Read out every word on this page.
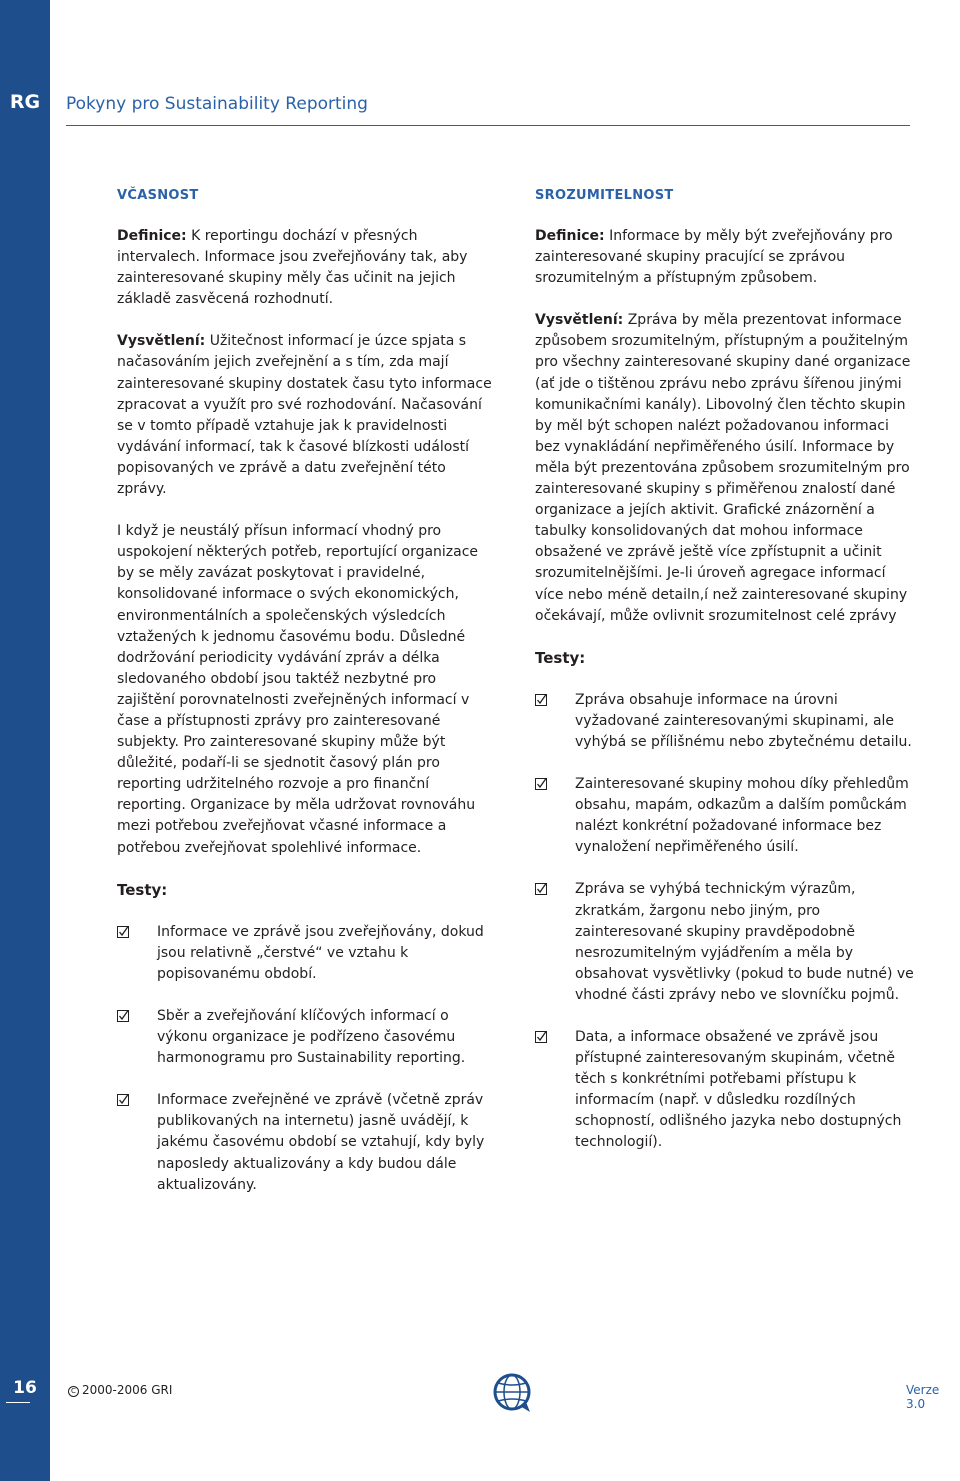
RG
16
Pokyny pro Sustainability Reporting
VČASNOST

Definice: K reportingu dochází v přesných intervalech. Informace jsou zveřejňovány tak, aby zainteresované skupiny měly čas učinit na jejich základě zasvěcená rozhodnutí.

Vysvětlení: Užitečnost informací je úzce spjata s načasováním jejich zveřejnění a s tím, zda mají zainteresované skupiny dostatek času tyto informace zpracovat a využít pro své rozhodování. Načasování se v tomto případě vztahuje jak k pravidelnosti vydávání informací, tak k časové blízkosti událostí popisovaných ve zprávě a datu zveřejnění této zprávy.

I když je neustálý přísun informací vhodný pro uspokojení některých potřeb, reportující organizace by se měly zavázat poskytovat i pravidelné, konsolidované informace o svých ekonomických, environmentálních a společenských výsledcích vztažených k jednomu časovému bodu. Důsledné dodržování periodicity vydávání zpráv a délka sledovaného období jsou taktéž nezbytné pro zajištění porovnatelnosti zveřejněných informací v čase a přístupnosti zprávy pro zainteresované subjekty. Pro zainteresované skupiny může být důležité, podaří-li se sjednotit časový plán pro reporting udržitelného rozvoje a pro finanční reporting. Organizace by měla udržovat rovnováhu mezi potřebou zveřejňovat včasné informace a potřebou zveřejňovat spolehlivé informace.

Testy:
Informace ve zprávě jsou zveřejňovány, dokud jsou relativně „čerstvé“ ve vztahu k popisovanému období.
Sběr a zveřejňování klíčových informací o výkonu organizace je podřízeno časovému harmonogramu pro Sustainability reporting.
Informace zveřejněné ve zprávě (včetně zpráv publikovaných na internetu) jasně uvádějí, k jakému časovému období se vztahují, kdy byly naposledy aktualizovány a kdy budou dále aktualizovány.
SROZUMITELNOST

Definice: Informace by měly být zveřejňovány pro zainteresované skupiny pracující se zprávou srozumitelným a přístupným způsobem.

Vysvětlení: Zpráva by měla prezentovat informace způsobem srozumitelným, přístupným a použitelným pro všechny zainteresované skupiny dané organizace (ať jde o tištěnou zprávu nebo zprávu šířenou jinými komunikačními kanály). Libovolný člen těchto skupin by měl být schopen nalézt požadovanou informaci bez vynakládání nepřiměřeného úsilí. Informace by měla být prezentována způsobem srozumitelným pro zainteresované skupiny s přiměřenou znalostí dané organizace a jejích aktivit. Grafické znázornění a tabulky konsolidovaných dat mohou informace obsažené ve zprávě ještě více zpřístupnit a učinit srozumitelnějšími. Je-li úroveň agregace informací více nebo méně detailn,í než zainteresované skupiny očekávají, může ovlivnit srozumitelnost celé zprávy

Testy:
Zpráva obsahuje informace na úrovni vyžadované zainteresovanými skupinami, ale vyhýbá se přílišnému nebo zbytečnému detailu.
Zainteresované skupiny mohou díky přehledům obsahu, mapám, odkazům a dalším pomůckám nalézt konkrétní požadované informace bez vynaložení nepřiměřeného úsilí.
Zpráva se vyhýbá technickým výrazům, zkratkám, žargonu nebo jiným, pro zainteresované skupiny pravděpodobně nesrozumitelným vyjádřením a měla by obsahovat vysvětlivky (pokud to bude nutné) ve vhodné části zprávy nebo ve slovníčku pojmů.
Data, a informace obsažené ve zprávě jsou přístupné zainteresovaným skupinám, včetně těch s konkrétními potřebami přístupu k informacím (např. v důsledku rozdílných schopností, odlišného jazyka nebo dostupných technologií).
C 2000-2006 GRI	Verze 3.0
